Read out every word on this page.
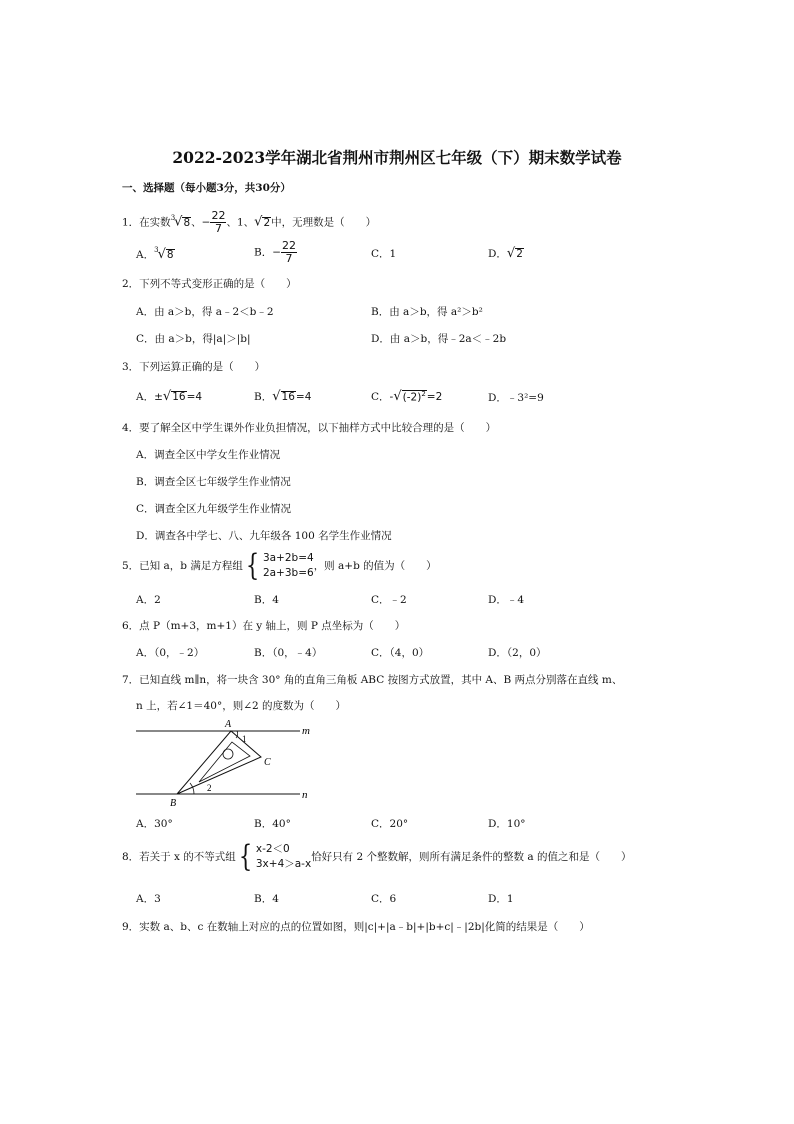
2022-2023学年湖北省荆州市荆州区七年级（下）期末数学试卷
一、选择题（每小题3分，共30分）
1．在实数$^3$√8、− $\frac{22}{7}$ 、1、√2中，无理数是（　　）
A．$^3$√8	B．− $\frac{22}{7}$	C．1	D．√2
2．下列不等式变形正确的是（　　）
A．由 a＞b，得 a﹣2＜b﹣2	B．由 a＞b，得 a²＞b²
C．由 a＞b，得|a|＞|b|	D．由 a＞b，得﹣2a＜﹣2b
3．下列运算正确的是（　　）
A．±√16=4	B．√16=4	C．$-√(-2)^2=2$	D．﹣3²=9
4．要了解全区中学生课外作业负担情况，以下抽样方式中比较合理的是（　　）
A．调查全区中学女生作业情况
B．调查全区七年级学生作业情况
C．调查全区九年级学生作业情况
D．调查各中学七、八、九年级各 100 名学生作业情况
5．已知 a，b 满足方程组 { 3a+2b=4
2a+3b=6
，则 a+b 的值为（　　）
A．2	B．4	C．﹣2	D．﹣4
6．点 P（m+3，m+1）在 y 轴上，则 P 点坐标为（　　）
A．（0，﹣2）	B．（0，﹣4）	C．（4，0）	D．（2，0）
7．已知直线 m∥n，将一块含 30° 角的直角三角板 ABC 按图方式放置，其中 A、B 两点分别落在直线 m、
n 上，若∠1＝40°，则∠2 的度数为（　　）
m
n
A
B
C
1
2
A．30°	B．40°	C．20°	D．10°
8．若关于 x 的不等式组 { x-2＜0
3x+4＞a-x
恰好只有 2 个整数解，则所有满足条件的整数 a 的值之和是（　　）
A．3	B．4	C．6	D．1
9．实数 a、b、c 在数轴上对应的点的位置如图，则|c|+|a﹣b|+|b+c|﹣|2b|化简的结果是（　　）
